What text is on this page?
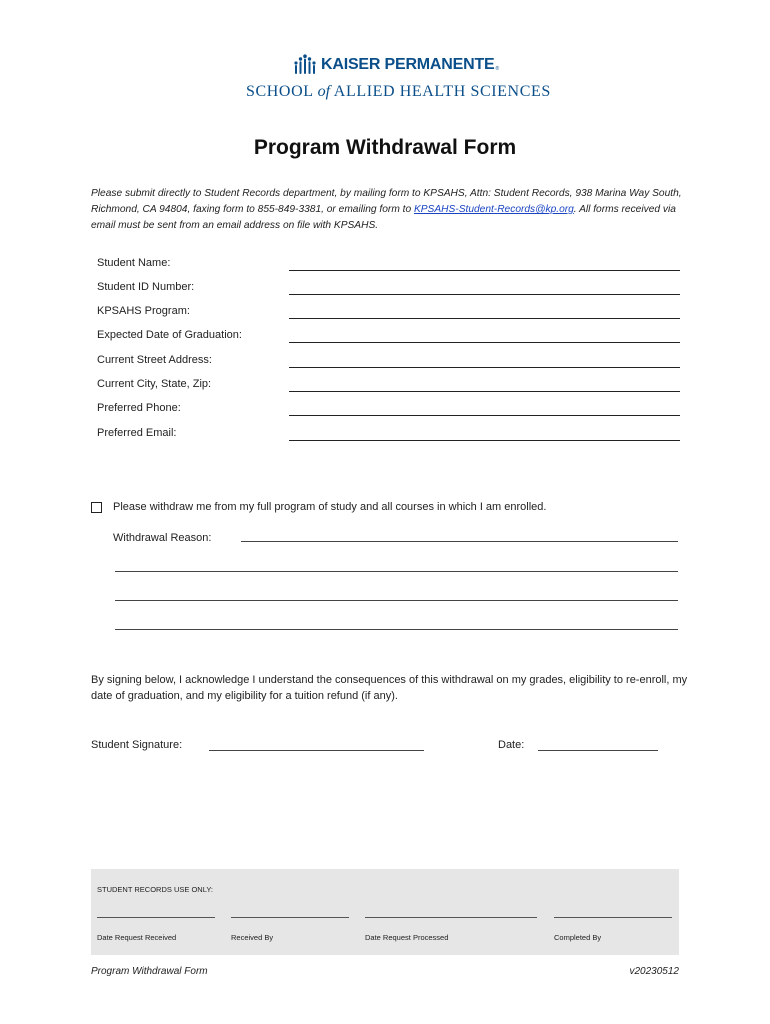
KAISER PERMANENTE ®
SCHOOL of ALLIED HEALTH SCIENCES
Program Withdrawal Form
Please submit directly to Student Records department, by mailing form to KPSAHS, Attn: Student Records, 938 Marina Way South, Richmond, CA 94804, faxing form to 855-849-3381, or emailing form to KPSAHS-Student-Records@kp.org. All forms received via email must be sent from an email address on file with KPSAHS.
Student Name:
Student ID Number:
KPSAHS Program:
Expected Date of Graduation:
Current Street Address:
Current City, State, Zip:
Preferred Phone:
Preferred Email:
Please withdraw me from my full program of study and all courses in which I am enrolled.
Withdrawal Reason:
By signing below, I acknowledge I understand the consequences of this withdrawal on my grades, eligibility to re-enroll, my date of graduation, and my eligibility for a tuition refund (if any).
Student Signature:	Date:
STUDENT RECORDS USE ONLY:
Date Request Received	Received By	Date Request Processed	Completed By
Program Withdrawal Form	v20230512
